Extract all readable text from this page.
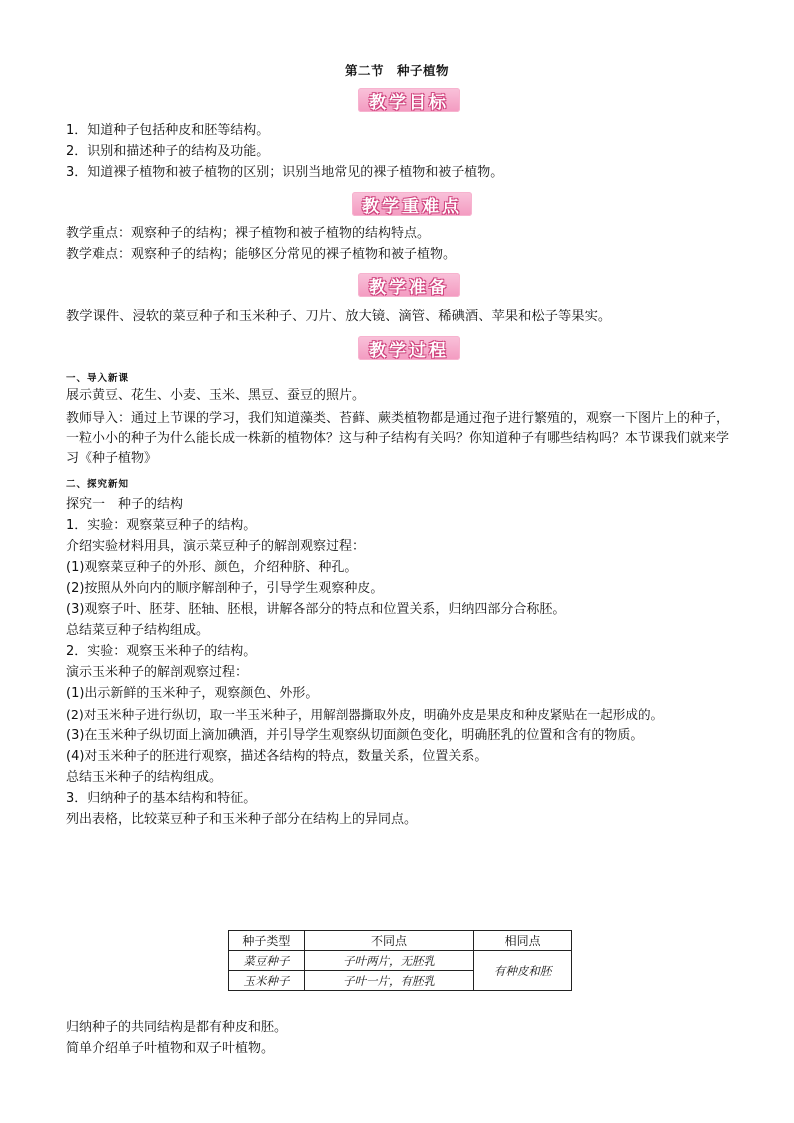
第二节　种子植物
教学目标
1．知道种子包括种皮和胚等结构。
2．识别和描述种子的结构及功能。
3．知道裸子植物和被子植物的区别；识别当地常见的裸子植物和被子植物。
教学重难点
教学重点：观察种子的结构；裸子植物和被子植物的结构特点。
教学难点：观察种子的结构；能够区分常见的裸子植物和被子植物。
教学准备
教学课件、浸软的菜豆种子和玉米种子、刀片、放大镜、滴管、稀碘酒、苹果和松子等果实。
教学过程
一、导入新课
展示黄豆、花生、小麦、玉米、黑豆、蚕豆的照片。
教师导入：通过上节课的学习，我们知道藻类、苔藓、蕨类植物都是通过孢子进行繁殖的，观察一下图片上的种子，一粒小小的种子为什么能长成一株新的植物体？这与种子结构有关吗？你知道种子有哪些结构吗？本节课我们就来学习《种子植物》
二、探究新知
探究一　种子的结构
1．实验：观察菜豆种子的结构。
介绍实验材料用具，演示菜豆种子的解剖观察过程：
(1)观察菜豆种子的外形、颜色，介绍种脐、种孔。
(2)按照从外向内的顺序解剖种子，引导学生观察种皮。
(3)观察子叶、胚芽、胚轴、胚根，讲解各部分的特点和位置关系，归纳四部分合称胚。
总结菜豆种子结构组成。
2．实验：观察玉米种子的结构。
演示玉米种子的解剖观察过程：
(1)出示新鲜的玉米种子，观察颜色、外形。
(2)对玉米种子进行纵切，取一半玉米种子，用解剖器撕取外皮，明确外皮是果皮和种皮紧贴在一起形成的。
(3)在玉米种子纵切面上滴加碘酒，并引导学生观察纵切面颜色变化，明确胚乳的位置和含有的物质。
(4)对玉米种子的胚进行观察，描述各结构的特点，数量关系，位置关系。
总结玉米种子的结构组成。
3．归纳种子的基本结构和特征。
列出表格，比较菜豆种子和玉米种子部分在结构上的异同点。
种子类型	不同点	相同点
菜豆种子	子叶两片，无胚乳	有种皮和胚
玉米种子	子叶一片，有胚乳	
归纳种子的共同结构是都有种皮和胚。
简单介绍单子叶植物和双子叶植物。
